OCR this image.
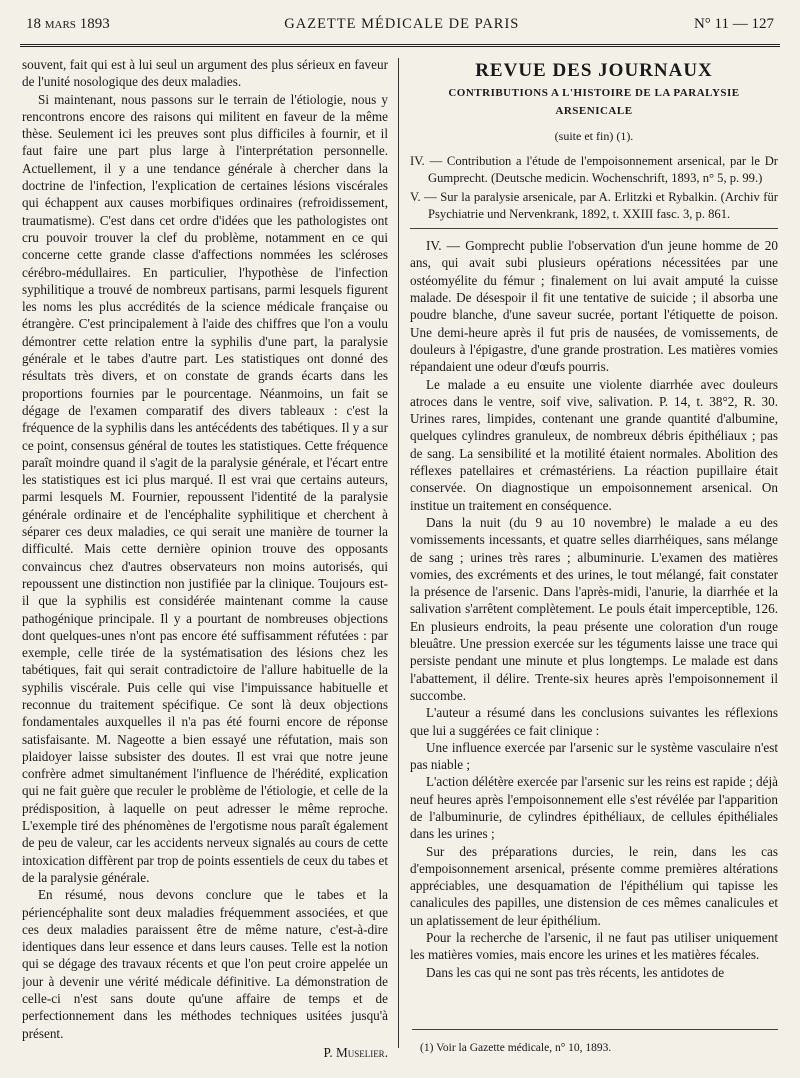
18 MARS 1893	GAZETTE MÉDICALE DE PARIS	N° 11 — 127

souvent, fait qui est à lui seul un argument des plus sérieux en faveur de l'unité nosologique des deux maladies.

Si maintenant, nous passons sur le terrain de l'étiologie, nous y rencontrons encore des raisons qui militent en faveur de la même thèse. Seulement ici les preuves sont plus difficiles à fournir, et il faut faire une part plus large à l'interprétation personnelle. Actuellement, il y a une tendance générale à chercher dans la doctrine de l'infection, l'explication de certaines lésions viscérales qui échappent aux causes morbifiques ordinaires (refroidissement, traumatisme). C'est dans cet ordre d'idées que les pathologistes ont cru pouvoir trouver la clef du problème, notamment en ce qui concerne cette grande classe d'affections nommées les scléroses cérébro-médullaires. En particulier, l'hypothèse de l'infection syphilitique a trouvé de nombreux partisans, parmi lesquels figurent les noms les plus accrédités de la science médicale française ou étrangère. C'est principalement à l'aide des chiffres que l'on a voulu démontrer cette relation entre la syphilis d'une part, la paralysie générale et le tabes d'autre part. Les statistiques ont donné des résultats très divers, et on constate de grands écarts dans les proportions fournies par le pourcentage. Néanmoins, un fait se dégage de l'examen comparatif des divers tableaux : c'est la fréquence de la syphilis dans les antécédents des tabétiques. Il y a sur ce point, consensus général de toutes les statistiques. Cette fréquence paraît moindre quand il s'agit de la paralysie générale, et l'écart entre les statistiques est ici plus marqué. Il est vrai que certains auteurs, parmi lesquels M. Fournier, repoussent l'identité de la paralysie générale ordinaire et de l'encéphalite syphilitique et cherchent à séparer ces deux maladies, ce qui serait une manière de tourner la difficulté. Mais cette dernière opinion trouve des opposants convaincus chez d'autres observateurs non moins autorisés, qui repoussent une distinction non justifiée par la clinique. Toujours est-il que la syphilis est considérée maintenant comme la cause pathogénique principale. Il y a pourtant de nombreuses objections dont quelques-unes n'ont pas encore été suffisamment réfutées : par exemple, celle tirée de la systématisation des lésions chez les tabétiques, fait qui serait contradictoire de l'allure habituelle de la syphilis viscérale. Puis celle qui vise l'impuissance habituelle et reconnue du traitement spécifique. Ce sont là deux objections fondamentales auxquelles il n'a pas été fourni encore de réponse satisfaisante. M. Nageotte a bien essayé une réfutation, mais son plaidoyer laisse subsister des doutes. Il est vrai que notre jeune confrère admet simultanément l'influence de l'hérédité, explication qui ne fait guère que reculer le problème de l'étiologie, et celle de la prédisposition, à laquelle on peut adresser le même reproche. L'exemple tiré des phénomènes de l'ergotisme nous paraît également de peu de valeur, car les accidents nerveux signalés au cours de cette intoxication diffèrent par trop de points essentiels de ceux du tabes et de la paralysie générale.

En résumé, nous devons conclure que le tabes et la périencéphalite sont deux maladies fréquemment associées, et que ces deux maladies paraissent être de même nature, c'est-à-dire identiques dans leur essence et dans leurs causes. Telle est la notion qui se dégage des travaux récents et que l'on peut croire appelée un jour à devenir une vérité médicale définitive. La démonstration de celle-ci n'est sans doute qu'une affaire de temps et de perfectionnement dans les méthodes techniques usitées jusqu'à présent.

P. Muselier.
REVUE DES JOURNAUX
CONTRIBUTIONS A L'HISTOIRE DE LA PARALYSIE ARSENICALE
(suite et fin) (1).
IV. — Contribution a l'étude de l'empoisonnement arsenical, par le Dr Gumprecht. (Deutsche medicin. Wochenschrift, 1893, n° 5, p. 99.)
V. — Sur la paralysie arsenicale, par A. Erlitzki et Rybalkin. (Archiv für Psychiatrie und Nervenkrank, 1892, t. XXIII fasc. 3, p. 861.

IV. — Gomprecht publie l'observation d'un jeune homme de 20 ans, qui avait subi plusieurs opérations nécessitées par une ostéomyélite du fémur ; finalement on lui avait amputé la cuisse malade. De désespoir il fit une tentative de suicide ; il absorba une poudre blanche, d'une saveur sucrée, portant l'étiquette de poison. Une demi-heure après il fut pris de nausées, de vomissements, de douleurs à l'épigastre, d'une grande prostration. Les matières vomies répandaient une odeur d'œufs pourris.

Le malade a eu ensuite une violente diarrhée avec douleurs atroces dans le ventre, soif vive, salivation. P. 14, t. 38°2, R. 30. Urines rares, limpides, contenant une grande quantité d'albumine, quelques cylindres granuleux, de nombreux débris épithéliaux ; pas de sang. La sensibilité et la motilité étaient normales. Abolition des réflexes patellaires et crémastériens. La réaction pupillaire était conservée. On diagnostique un empoisonnement arsenical. On institue un traitement en conséquence.

Dans la nuit (du 9 au 10 novembre) le malade a eu des vomissements incessants, et quatre selles diarrhéiques, sans mélange de sang ; urines très rares ; albuminurie. L'examen des matières vomies, des excréments et des urines, le tout mélangé, fait constater la présence de l'arsenic. Dans l'après-midi, l'anurie, la diarrhée et la salivation s'arrêtent complètement. Le pouls était imperceptible, 126. En plusieurs endroits, la peau présente une coloration d'un rouge bleuâtre. Une pression exercée sur les téguments laisse une trace qui persiste pendant une minute et plus longtemps. Le malade est dans l'abattement, il délire. Trente-six heures après l'empoisonnement il succombe.

L'auteur a résumé dans les conclusions suivantes les réflexions que lui a suggérées ce fait clinique :

Une influence exercée par l'arsenic sur le système vasculaire n'est pas niable ;

L'action délétère exercée par l'arsenic sur les reins est rapide ; déjà neuf heures après l'empoisonnement elle s'est révélée par l'apparition de l'albuminurie, de cylindres épithéliaux, de cellules épithéliales dans les urines ;

Sur des préparations durcies, le rein, dans les cas d'empoisonnement arsenical, présente comme premières altérations appréciables, une desquamation de l'épithélium qui tapisse les canalicules des papilles, une distension de ces mêmes canalicules et un aplatissement de leur épithélium.

Pour la recherche de l'arsenic, il ne faut pas utiliser uniquement les matières vomies, mais encore les urines et les matières fécales.

Dans les cas qui ne sont pas très récents, les antidotes de

(1) Voir la Gazette médicale, n° 10, 1893.
